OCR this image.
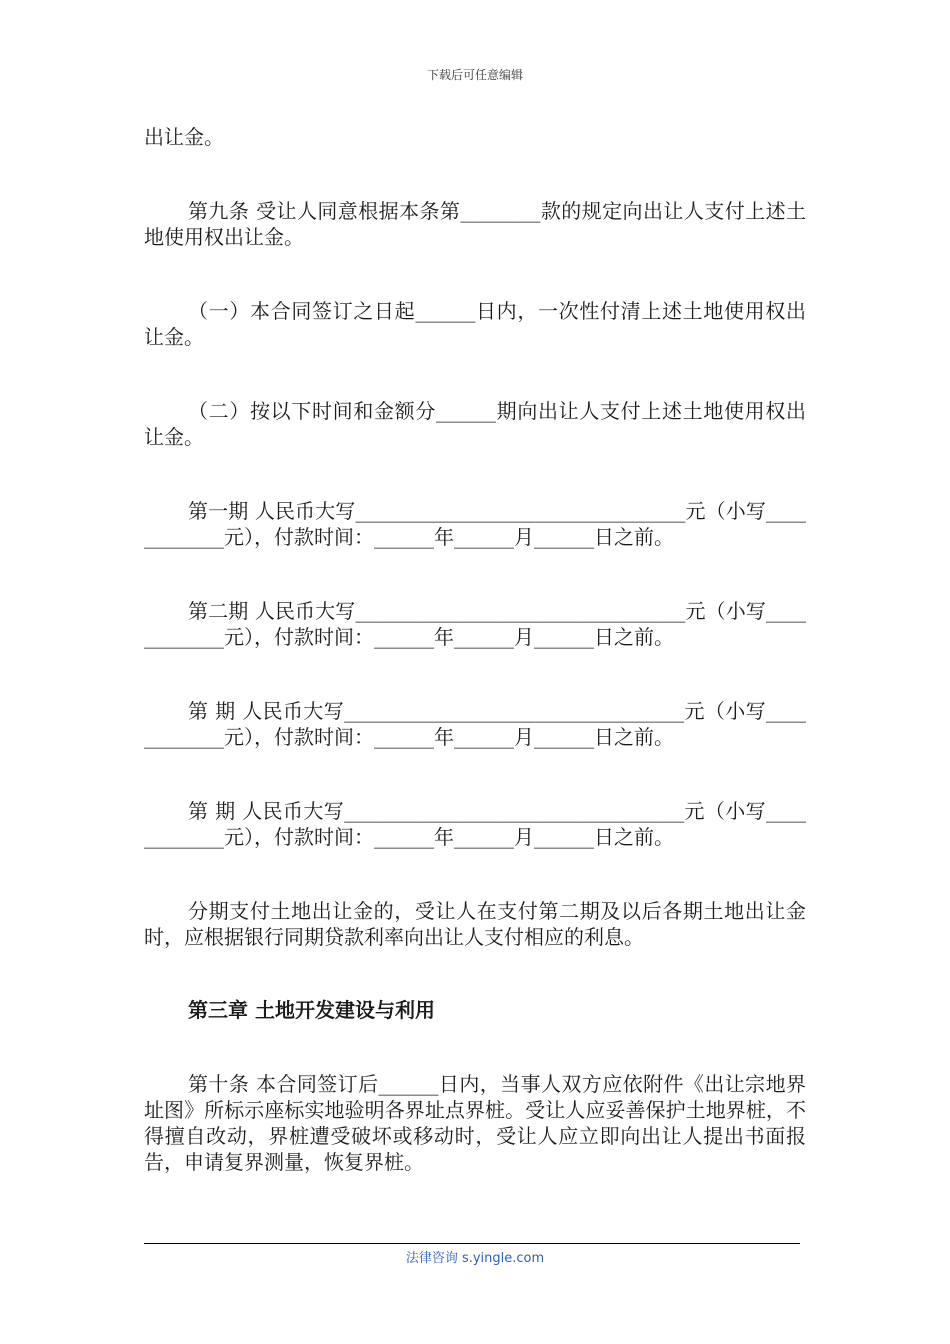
下载后可任意编辑

出让金。

第九条 受让人同意根据本条第________款的规定向出让人支付上述土地使用权出让金。

（一）本合同签订之日起______日内，一次性付清上述土地使用权出让金。

（二）按以下时间和金额分______期向出让人支付上述土地使用权出让金。

第一期 人民币大写_________________________________元（小写____________元），付款时间：______年______月______日之前。

第二期 人民币大写_________________________________元（小写____________元），付款时间：______年______月______日之前。

第 期 人民币大写__________________________________元（小写____________元），付款时间：______年______月______日之前。

第 期 人民币大写__________________________________元（小写____________元），付款时间：______年______月______日之前。

分期支付土地出让金的，受让人在支付第二期及以后各期土地出让金时，应根据银行同期贷款利率向出让人支付相应的利息。

第三章 土地开发建设与利用

第十条 本合同签订后______日内，当事人双方应依附件《出让宗地界址图》所标示座标实地验明各界址点界桩。受让人应妥善保护土地界桩，不得擅自改动，界桩遭受破坏或移动时，受让人应立即向出让人提出书面报告，申请复界测量，恢复界桩。

法律咨询 s.yingle.com
